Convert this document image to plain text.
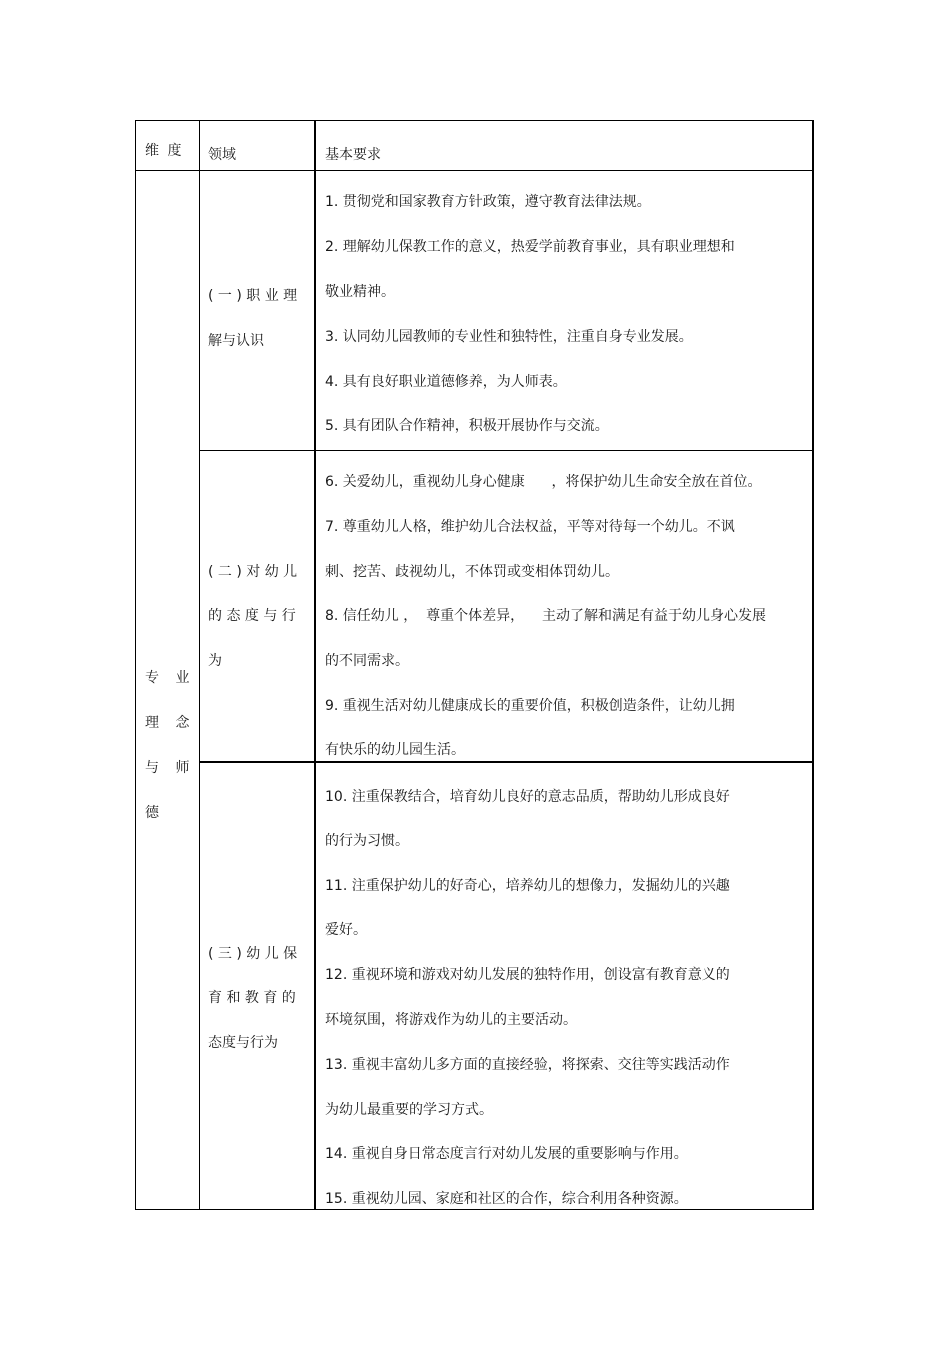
维 度 领域	基本要求
专 业
理 念
与 师
德
( 一 ) 职 业 理
解与认识
1. 贯彻党和国家教育方针政策，遵守教育法律法规。
2. 理解幼儿保教工作的意义，热爱学前教育事业，具有职业理想和
敬业精神。
3. 认同幼儿园教师的专业性和独特性，注重自身专业发展。
4. 具有良好职业道德修养，为人师表。
5. 具有团队合作精神，积极开展协作与交流。
( 二 ) 对 幼 儿
的 态 度 与 行
为
6. 关爱幼儿，重视幼儿身心健康      ，将保护幼儿生命安全放在首位。
7. 尊重幼儿人格，维护幼儿合法权益，平等对待每一个幼儿。不讽
刺、挖苦、歧视幼儿，不体罚或变相体罚幼儿。
8. 信任幼儿 ，  尊重个体差异，    主动了解和满足有益于幼儿身心发展
的不同需求。
9. 重视生活对幼儿健康成长的重要价值，积极创造条件，让幼儿拥
有快乐的幼儿园生活。
( 三 ) 幼 儿 保
育 和 教 育 的
态度与行为
10. 注重保教结合，培育幼儿良好的意志品质，帮助幼儿形成良好
的行为习惯。
11. 注重保护幼儿的好奇心，培养幼儿的想像力，发掘幼儿的兴趣
爱好。
12. 重视环境和游戏对幼儿发展的独特作用，创设富有教育意义的
环境氛围，将游戏作为幼儿的主要活动。
13. 重视丰富幼儿多方面的直接经验，将探索、交往等实践活动作
为幼儿最重要的学习方式。
14. 重视自身日常态度言行对幼儿发展的重要影响与作用。
15. 重视幼儿园、家庭和社区的合作，综合利用各种资源。
